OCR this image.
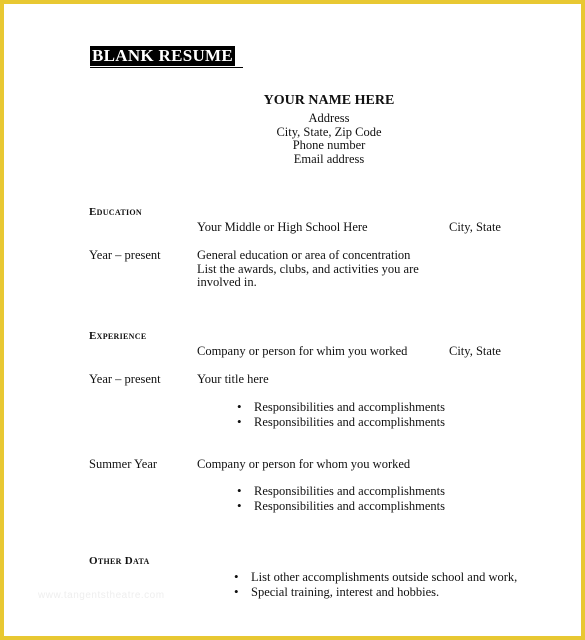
BLANK RESUME
YOUR NAME HERE
Address
City, State, Zip Code
Phone number
Email address
Education
Your Middle or High School Here	City, State
Year – present	General education or area of concentration
List the awards, clubs, and activities you are
involved in.
Experience
Company or person for whim you worked	City, State
Year – present	Your title here
• Responsibilities and accomplishments
• Responsibilities and accomplishments
Summer Year	Company or person for whom you worked
• Responsibilities and accomplishments
• Responsibilities and accomplishments
Other Data
• List other accomplishments outside school and work,
• Special training, interest and hobbies.
www.tangentstheatre.com
